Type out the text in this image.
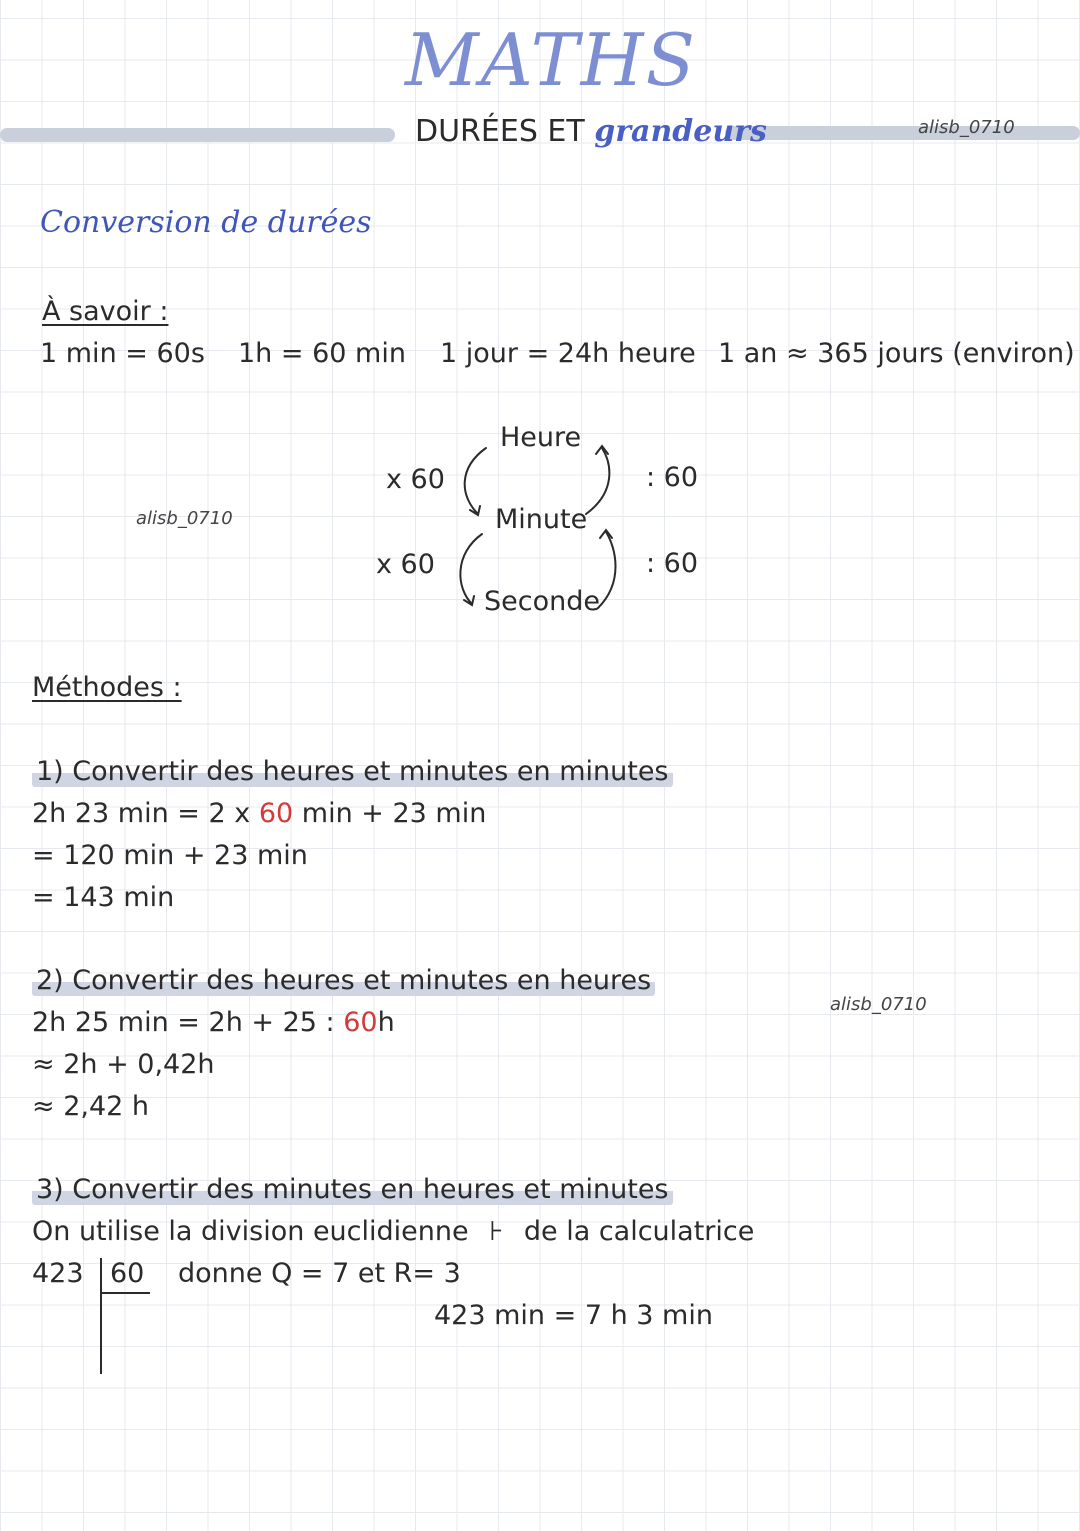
MATHS
DURÉES ET grandeurs	alisb_0710
Conversion de durées
À savoir :
1 min = 60s 1h = 60 min 1 jour = 24h heure 1 an ≈ 365 jours (environ)
Heure
Minute
Seconde
x 60
x 60
: 60
: 60
alisb_0710
Méthodes :
1) Convertir des heures et minutes en minutes
2h 23 min = 2 x 60 min + 23 min
= 120 min + 23 min
= 143 min
2) Convertir des heures et minutes en heures
2h 25 min = 2h + 25 : 60h
≈ 2h + 0,42h
≈ 2,42 h
alisb_0710
3) Convertir des minutes en heures et minutes
On utilise la division euclidienne ⊦ de la calculatrice
423 60 donne Q = 7 et R= 3
423 min = 7 h 3 min
